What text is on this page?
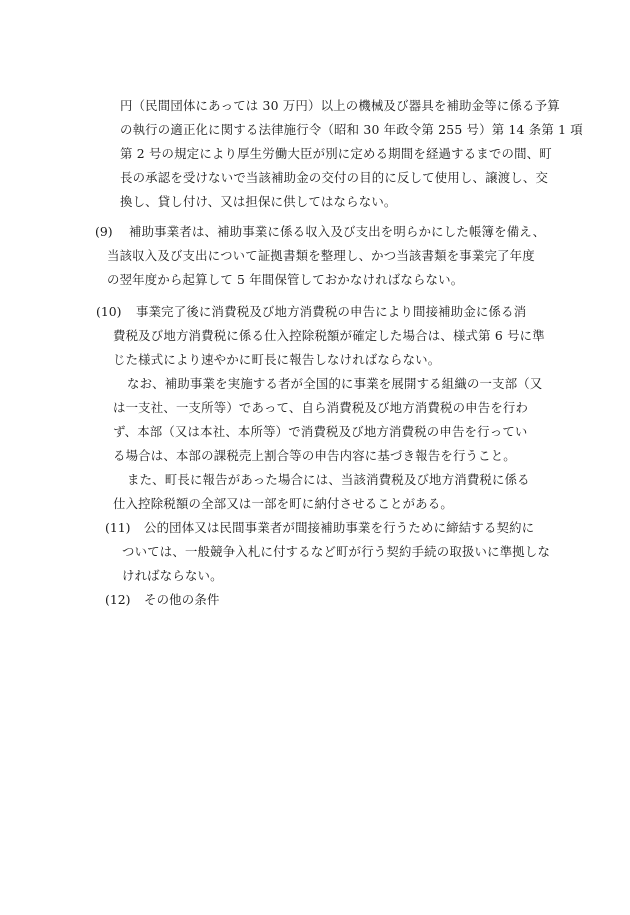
円（民間団体にあっては 30 万円）以上の機械及び器具を補助金等に係る予算
の執行の適正化に関する法律施行令（昭和 30 年政令第 255 号）第 14 条第 1 項
第 2 号の規定により厚生労働大臣が別に定める期間を経過するまでの間、町
長の承認を受けないで当該補助金の交付の目的に反して使用し、譲渡し、交
換し、貸し付け、又は担保に供してはならない。
(9) 補助事業者は、補助事業に係る収入及び支出を明らかにした帳簿を備え、
当該収入及び支出について証拠書類を整理し、かつ当該書類を事業完了年度
の翌年度から起算して 5 年間保管しておかなければならない。
(10) 事業完了後に消費税及び地方消費税の申告により間接補助金に係る消
費税及び地方消費税に係る仕入控除税額が確定した場合は、様式第 6 号に準
じた様式により速やかに町長に報告しなければならない。
なお、補助事業を実施する者が全国的に事業を展開する組織の一支部（又
は一支社、一支所等）であって、自ら消費税及び地方消費税の申告を行わ
ず、本部（又は本社、本所等）で消費税及び地方消費税の申告を行ってい
る場合は、本部の課税売上割合等の申告内容に基づき報告を行うこと。
また、町長に報告があった場合には、当該消費税及び地方消費税に係る
仕入控除税額の全部又は一部を町に納付させることがある。
(11) 公的団体又は民間事業者が間接補助事業を行うために締結する契約に
ついては、一般競争入札に付するなど町が行う契約手続の取扱いに準拠しな
ければならない。
(12) その他の条件
